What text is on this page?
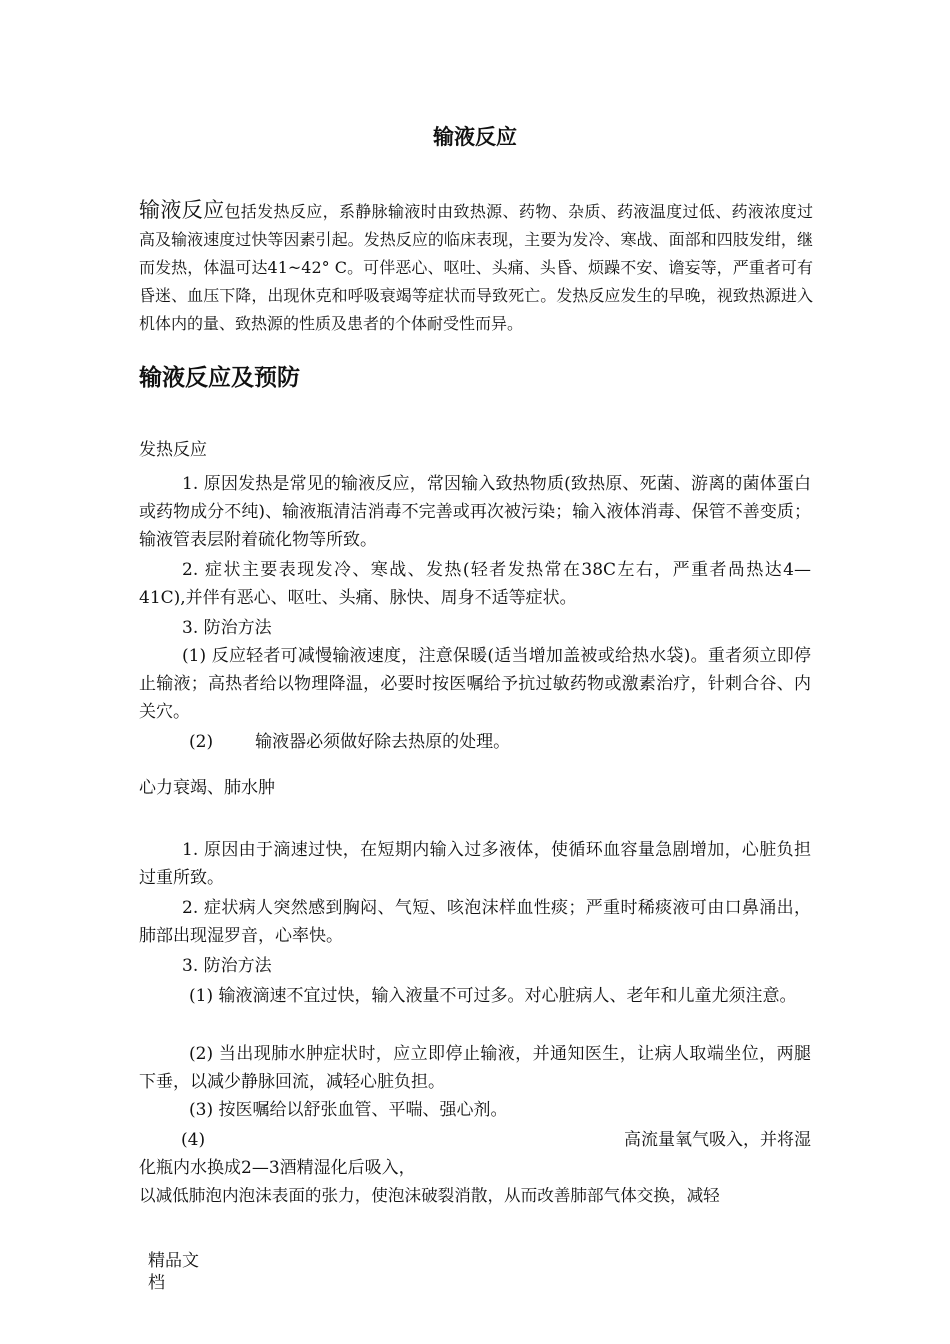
输液反应

输液反应包括发热反应，系静脉输液时由致热源、药物、杂质、药液温度过低、药液浓度过高及输液速度过快等因素引起。发热反应的临床表现，主要为发冷、寒战、面部和四肢发绀，继而发热，体温可达41~42° C。可伴恶心、呕吐、头痛、头昏、烦躁不安、谵妄等，严重者可有昏迷、血压下降，出现休克和呼吸衰竭等症状而导致死亡。发热反应发生的早晚，视致热源进入机体内的量、致热源的性质及患者的个体耐受性而异。

输液反应及预防
发热反应

1. 原因发热是常见的输液反应，常因输入致热物质(致热原、死菌、游离的菌体蛋白或药物成分不纯)、输液瓶清洁消毒不完善或再次被污染；输入液体消毒、保管不善变质；输液管表层附着硫化物等所致。

2. 症状主要表现发冷、寒战、发热(轻者发热常在38C左右，严重者咼热达4—41C),并伴有恶心、呕吐、头痛、脉快、周身不适等症状。

3. 防治方法

(1) 反应轻者可减慢输液速度，注意保暖(适当增加盖被或给热水袋)。重者须立即停止输液；高热者给以物理降温，必要时按医嘱给予抗过敏药物或激素治疗，针刺合谷、内关穴。

(2) 输液器必须做好除去热原的处理。

心力衰竭、肺水肿

1. 原因由于滴速过快，在短期内输入过多液体，使循环血容量急剧增加，心脏负担过重所致。

2. 症状病人突然感到胸闷、气短、咳泡沫样血性痰；严重时稀痰液可由口鼻涌出，肺部出现湿罗音，心率快。

3. 防治方法

(1) 输液滴速不宜过快，输入液量不可过多。对心脏病人、老年和儿童尤须注意。

(2) 当出现肺水肿症状时，应立即停止输液，并通知医生，让病人取端坐位，两腿下垂，以减少静脉回流，减轻心脏负担。

(3) 按医嘱给以舒张血管、平喘、强心剂。

(4)	高流量氧气吸入，并将湿

化瓶内水换成2—3酒精湿化后吸入，

以减低肺泡内泡沫表面的张力，使泡沫破裂消散，从而改善肺部气体交换，减轻

精品文
档
